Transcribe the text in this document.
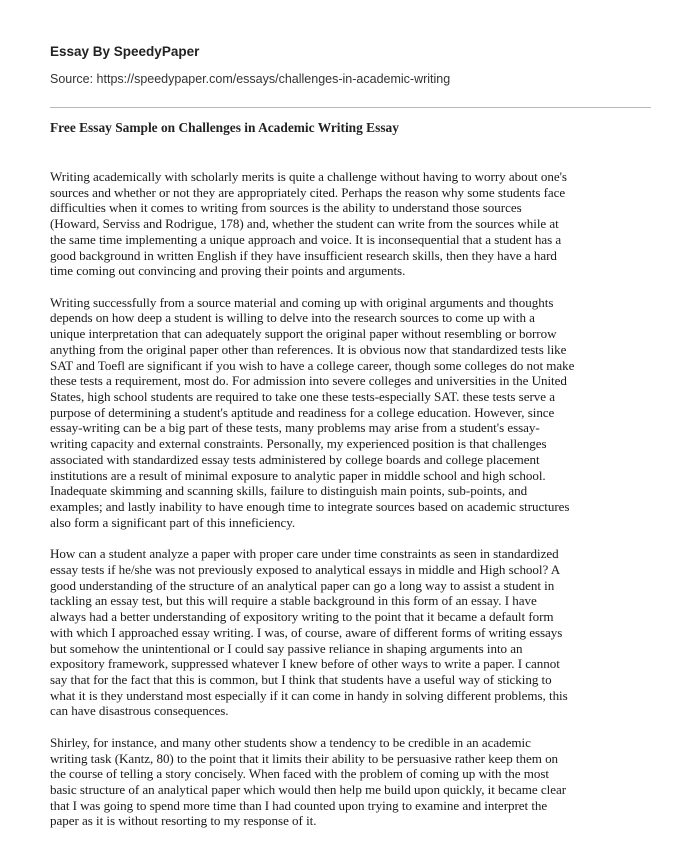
Essay By SpeedyPaper

Source: https://speedypaper.com/essays/challenges-in-academic-writing

Free Essay Sample on Challenges in Academic Writing Essay

Writing academically with scholarly merits is quite a challenge without having to worry about one's
sources and whether or not they are appropriately cited. Perhaps the reason why some students face
difficulties when it comes to writing from sources is the ability to understand those sources
(Howard, Serviss and Rodrigue, 178) and, whether the student can write from the sources while at
the same time implementing a unique approach and voice. It is inconsequential that a student has a
good background in written English if they have insufficient research skills, then they have a hard
time coming out convincing and proving their points and arguments.

Writing successfully from a source material and coming up with original arguments and thoughts
depends on how deep a student is willing to delve into the research sources to come up with a
unique interpretation that can adequately support the original paper without resembling or borrow
anything from the original paper other than references. It is obvious now that standardized tests like
SAT and Toefl are significant if you wish to have a college career, though some colleges do not make
these tests a requirement, most do. For admission into severe colleges and universities in the United
States, high school students are required to take one these tests-especially SAT. these tests serve a
purpose of determining a student's aptitude and readiness for a college education. However, since
essay-writing can be a big part of these tests, many problems may arise from a student's essay-
writing capacity and external constraints. Personally, my experienced position is that challenges
associated with standardized essay tests administered by college boards and college placement
institutions are a result of minimal exposure to analytic paper in middle school and high school.
Inadequate skimming and scanning skills, failure to distinguish main points, sub-points, and
examples; and lastly inability to have enough time to integrate sources based on academic structures
also form a significant part of this inneficiency.

How can a student analyze a paper with proper care under time constraints as seen in standardized
essay tests if he/she was not previously exposed to analytical essays in middle and High school? A
good understanding of the structure of an analytical paper can go a long way to assist a student in
tackling an essay test, but this will require a stable background in this form of an essay. I have
always had a better understanding of expository writing to the point that it became a default form
with which I approached essay writing. I was, of course, aware of different forms of writing essays
but somehow the unintentional or I could say passive reliance in shaping arguments into an
expository framework, suppressed whatever I knew before of other ways to write a paper. I cannot
say that for the fact that this is common, but I think that students have a useful way of sticking to
what it is they understand most especially if it can come in handy in solving different problems, this
can have disastrous consequences.

Shirley, for instance, and many other students show a tendency to be credible in an academic
writing task (Kantz, 80) to the point that it limits their ability to be persuasive rather keep them on
the course of telling a story concisely. When faced with the problem of coming up with the most
basic structure of an analytical paper which would then help me build upon quickly, it became clear
that I was going to spend more time than I had counted upon trying to examine and interpret the
paper as it is without resorting to my response of it.
